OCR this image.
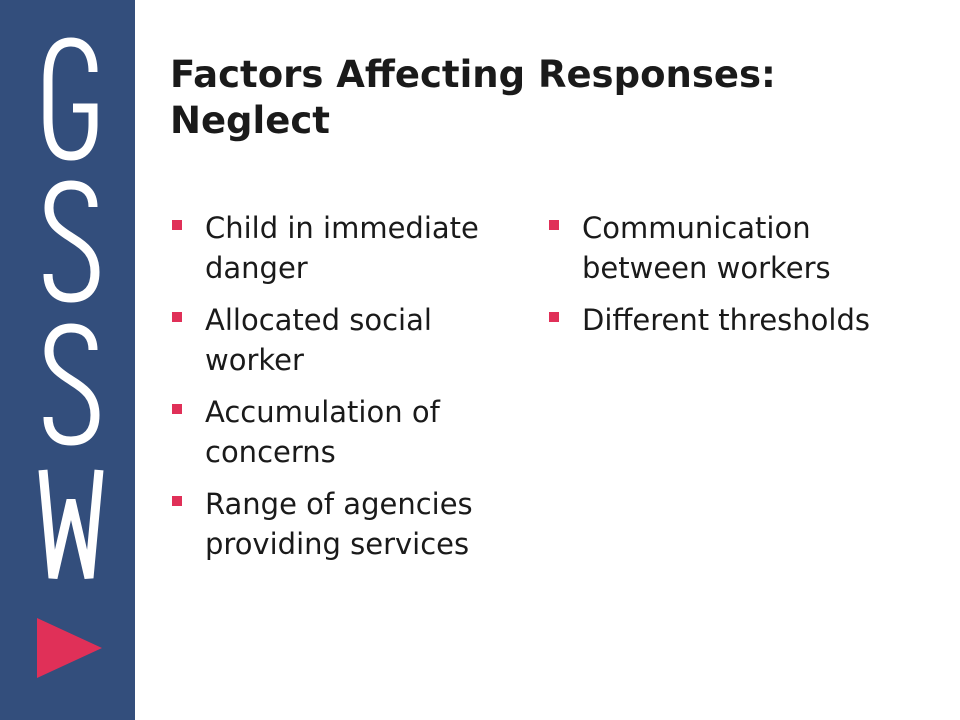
Factors Affecting Responses:
Neglect
Child in immediate danger
Allocated social worker
Accumulation of concerns
Range of agencies providing services
Communication between workers
Different thresholds
